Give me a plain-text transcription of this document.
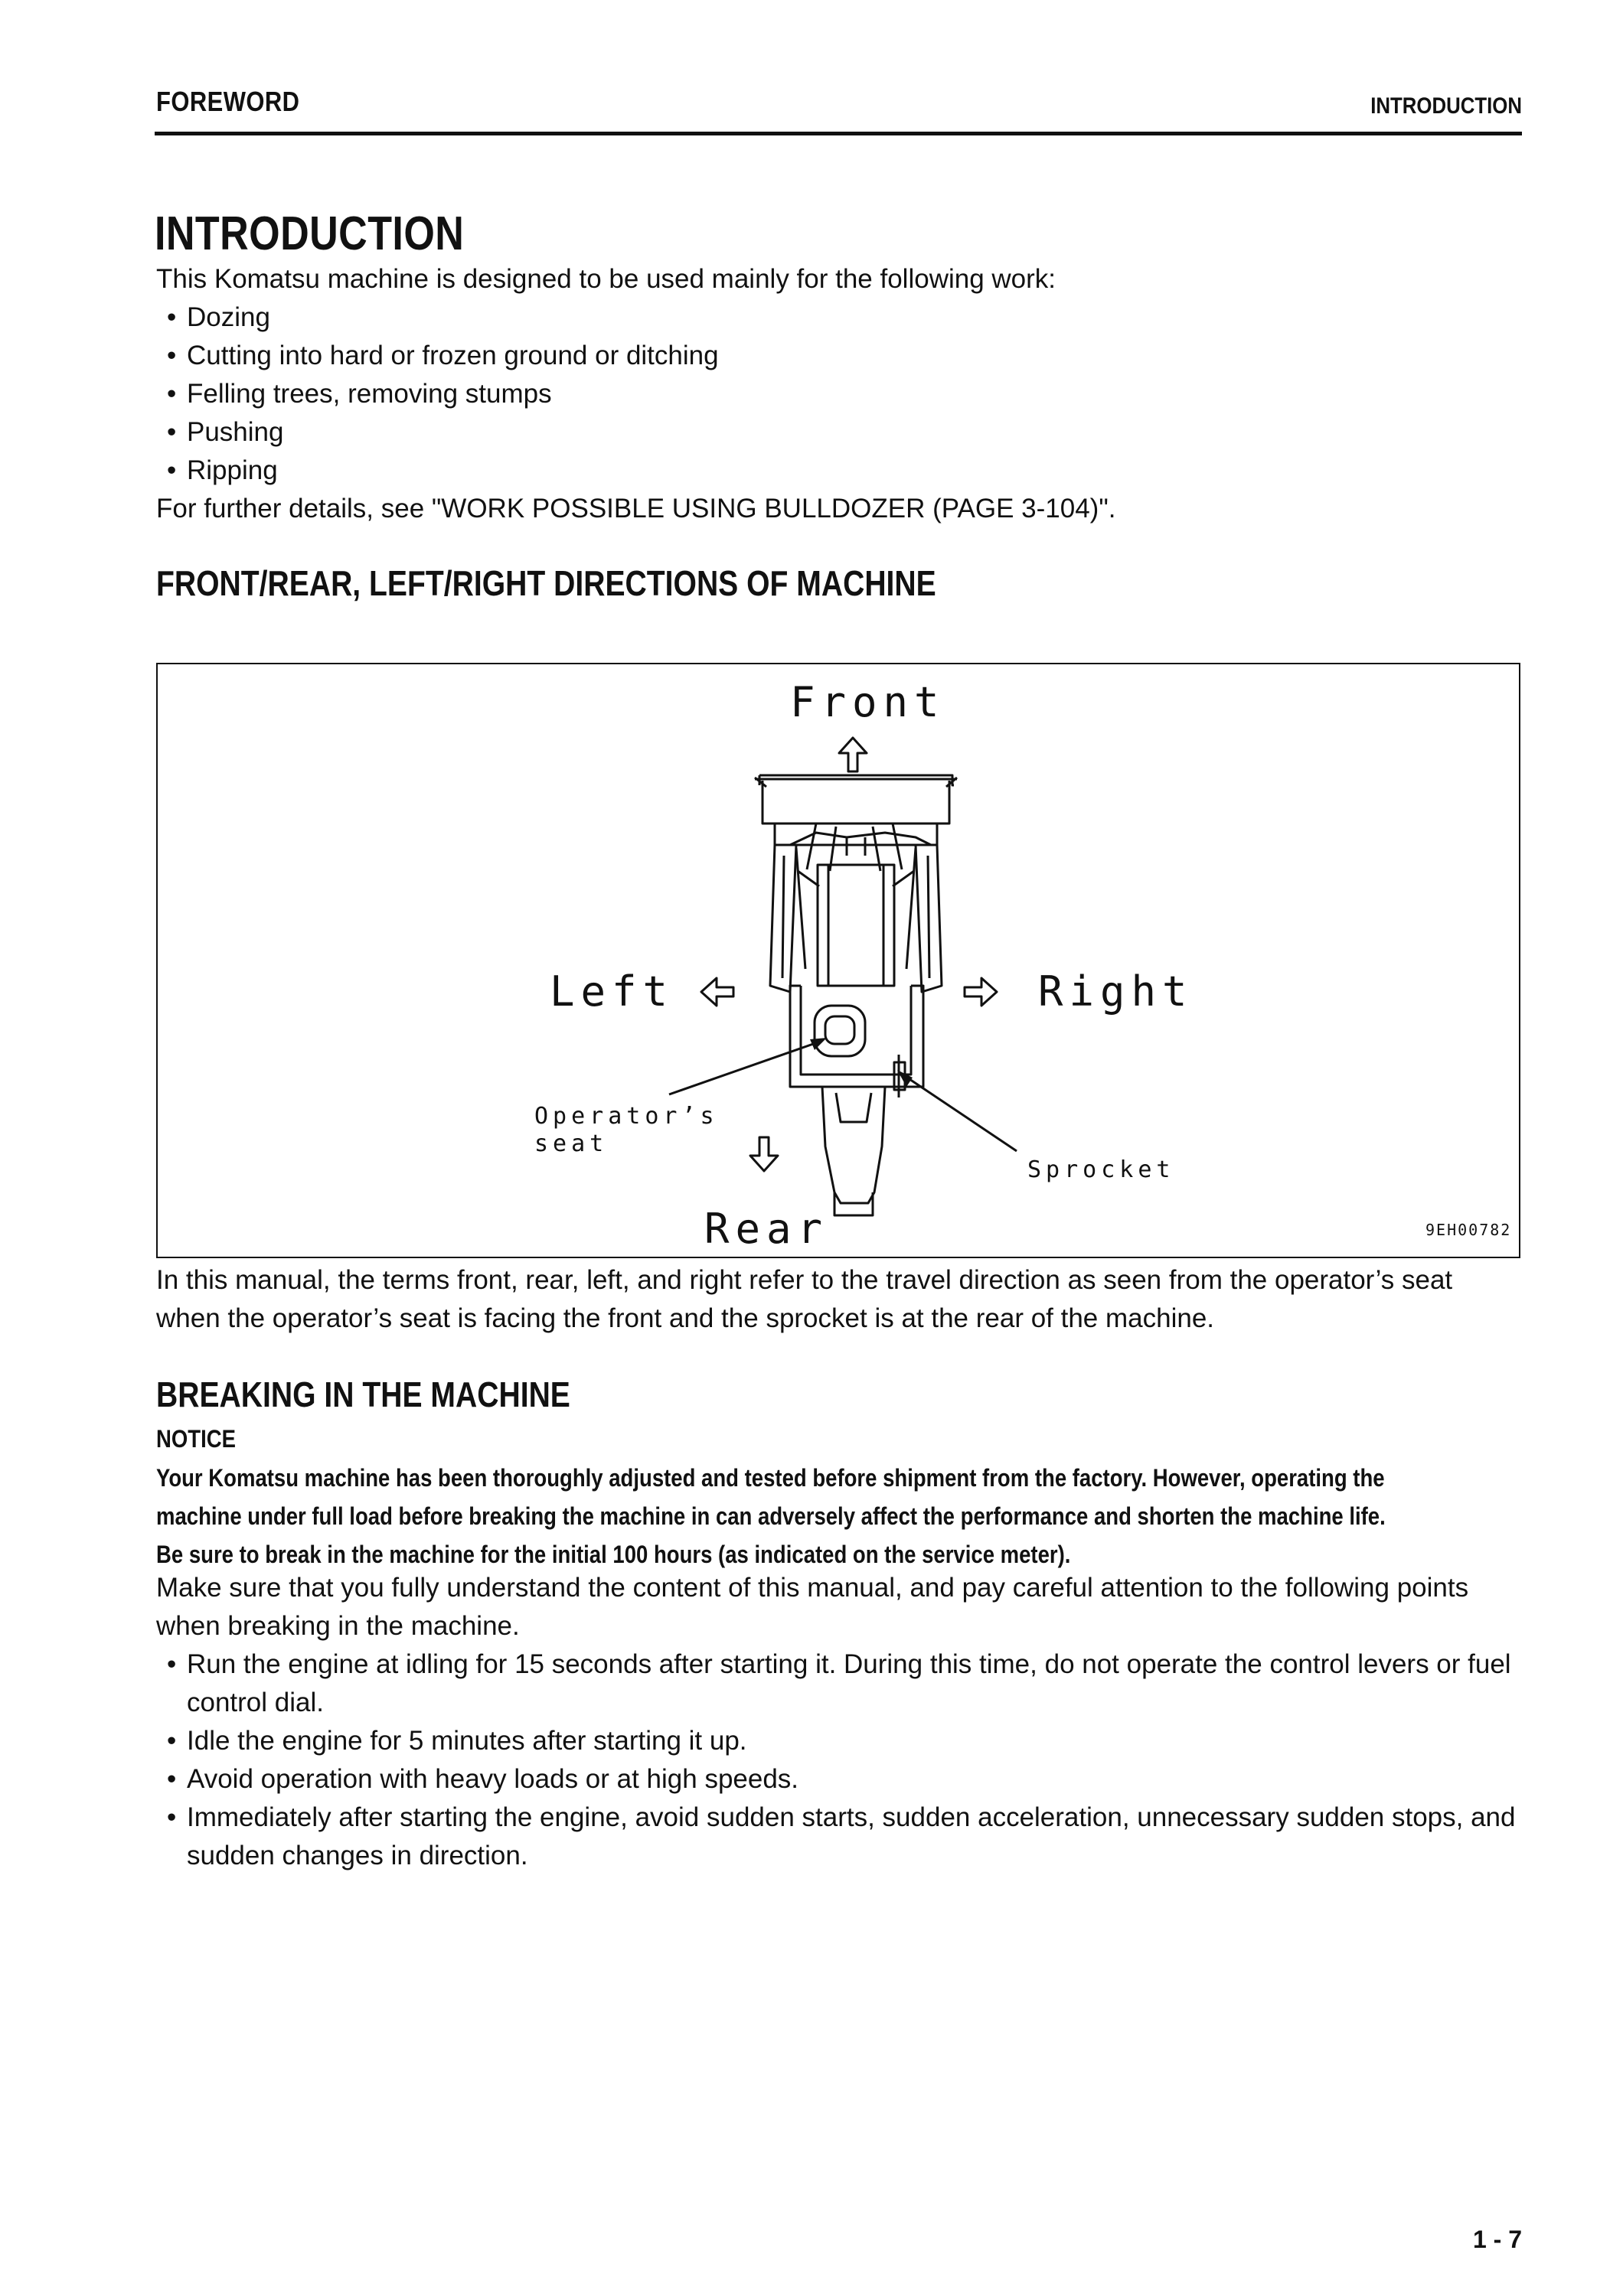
FOREWORD	INTRODUCTION
INTRODUCTION
This Komatsu machine is designed to be used mainly for the following work:
• Dozing
• Cutting into hard or frozen ground or ditching
• Felling trees, removing stumps
• Pushing
• Ripping
For further details, see "WORK POSSIBLE USING BULLDOZER (PAGE 3-104)".
FRONT/REAR, LEFT/RIGHT DIRECTIONS OF MACHINE
Front
Left	Right
Rear
Operator’s
seat
Sprocket
9EH00782
In this manual, the terms front, rear, left, and right refer to the travel direction as seen from the operator’s seat when the operator’s seat is facing the front and the sprocket is at the rear of the machine.
BREAKING IN THE MACHINE
NOTICE
Your Komatsu machine has been thoroughly adjusted and tested before shipment from the factory. However, operating the
machine under full load before breaking the machine in can adversely affect the performance and shorten the machine life.
Be sure to break in the machine for the initial 100 hours (as indicated on the service meter).
Make sure that you fully understand the content of this manual, and pay careful attention to the following points when breaking in the machine.
• Run the engine at idling for 15 seconds after starting it. During this time, do not operate the control levers or fuel control dial.
• Idle the engine for 5 minutes after starting it up.
• Avoid operation with heavy loads or at high speeds.
• Immediately after starting the engine, avoid sudden starts, sudden acceleration, unnecessary sudden stops, and sudden changes in direction.
1 - 7
